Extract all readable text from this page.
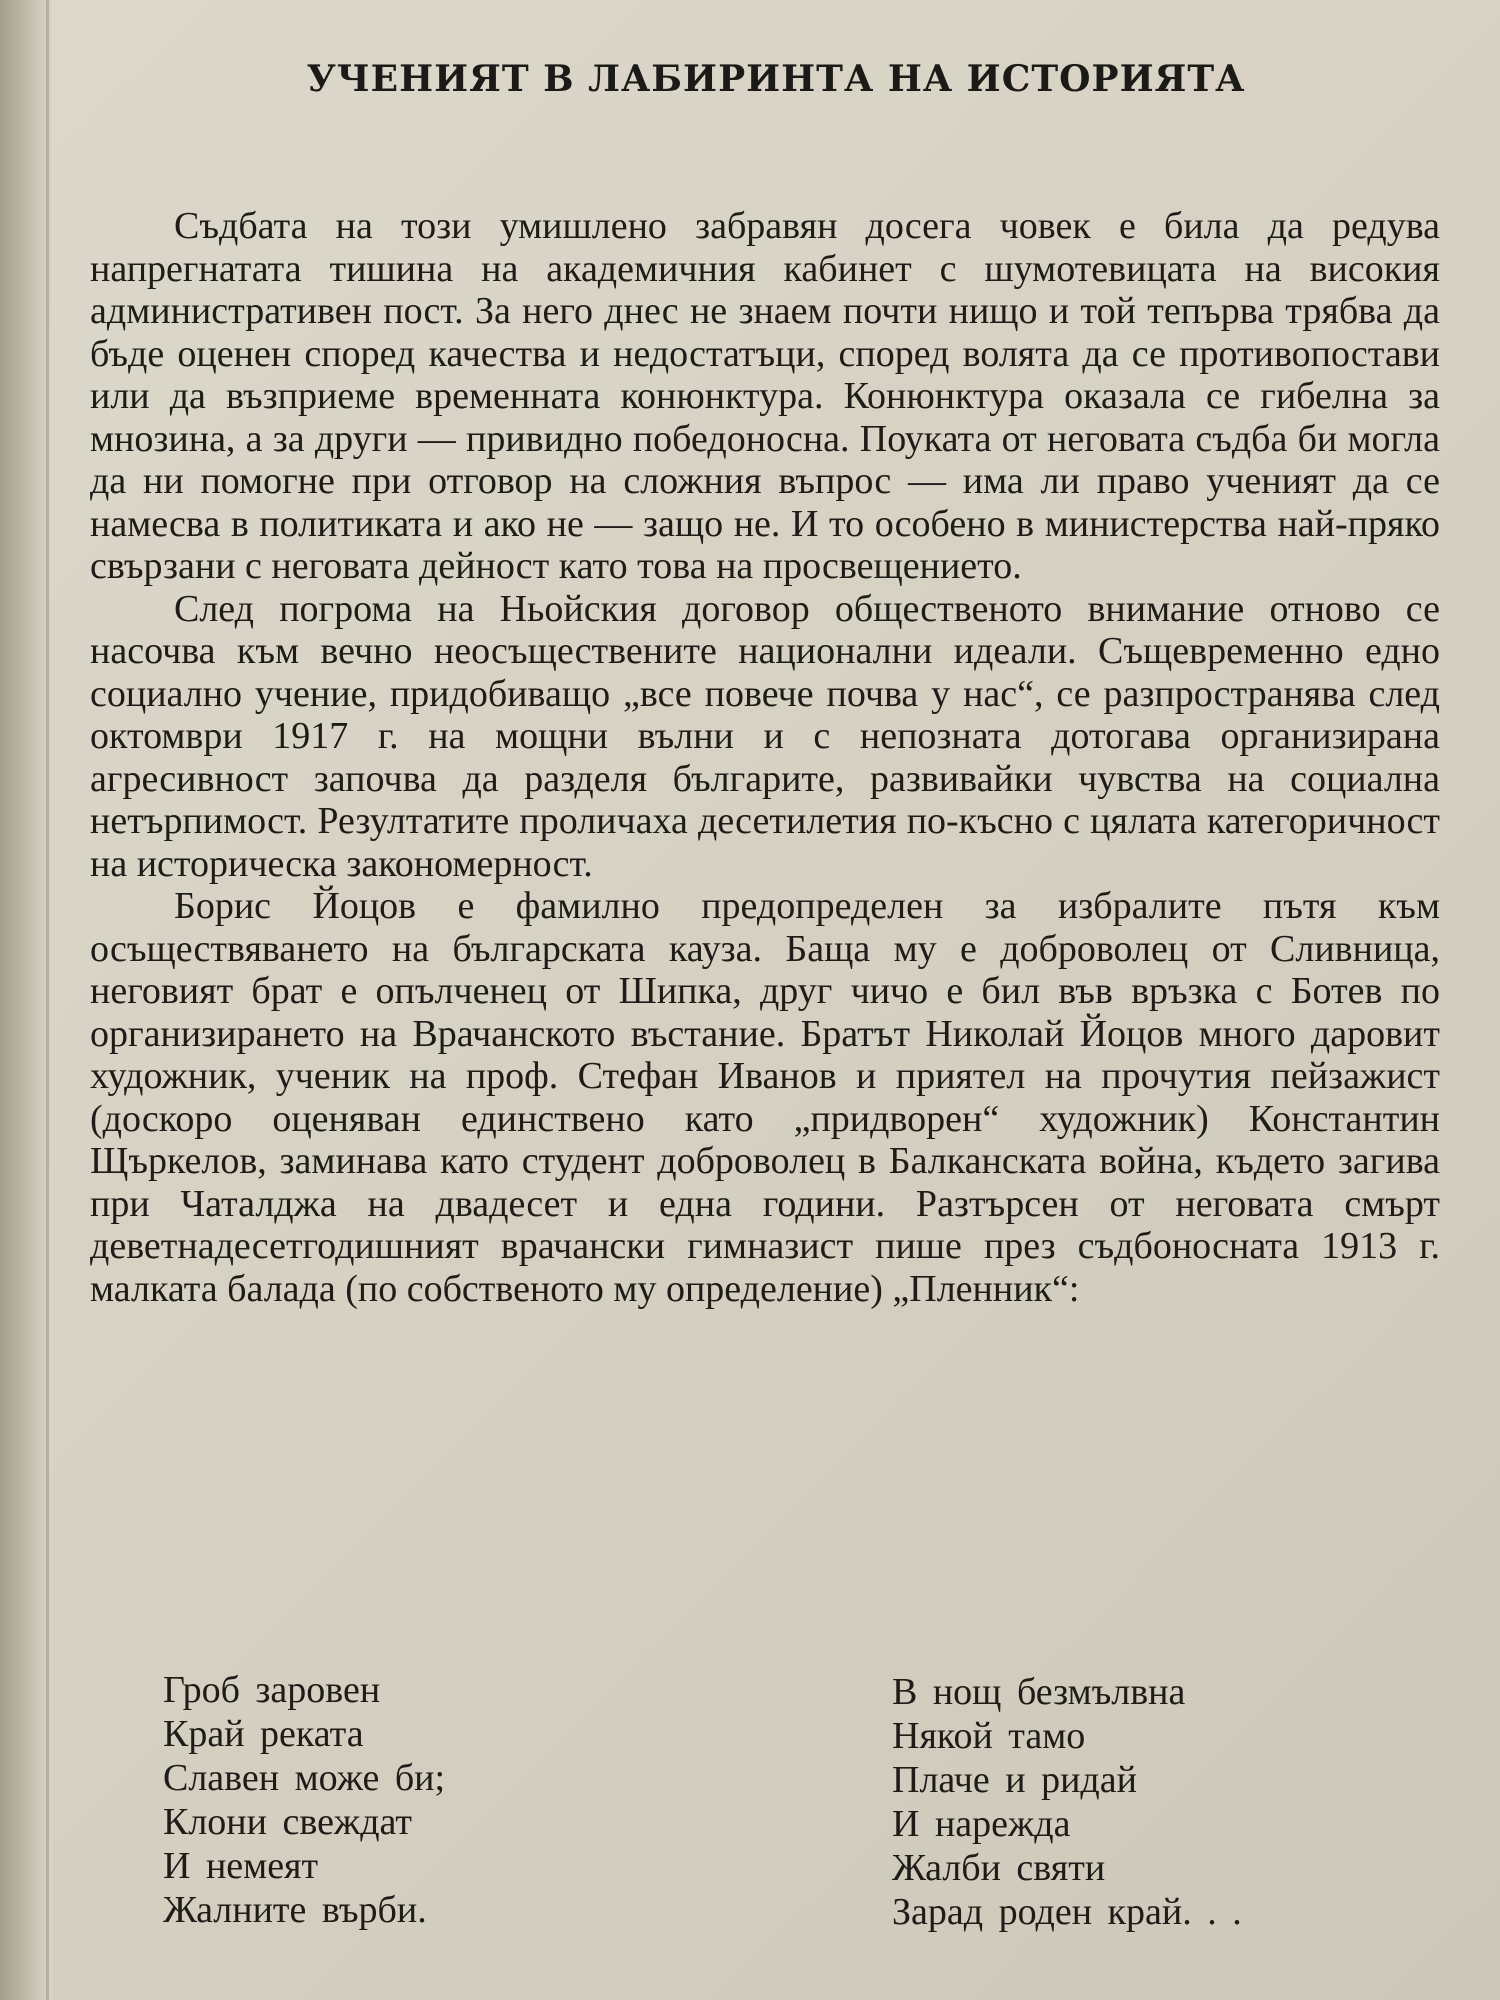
УЧЕНИЯТ В ЛАБИРИНТА НА ИСТОРИЯТА

Съдбата на този умишлено забравян досега човек е била да редува напрегнатата тишина на академичния кабинет с шумотевицата на високия административен пост. За него днес не знаем почти нищо и той тепърва трябва да бъде оценен според качества и недостатъци, според волята да се противопостави или да възприеме временната конюнктура. Конюнктура оказала се гибелна за мнозина, а за други — привидно победоносна. Поуката от неговата съдба би могла да ни помогне при отговор на сложния въпрос — има ли право ученият да се намесва в политиката и ако не — защо не. И то особено в министерства най-пряко свързани с неговата дейност като това на просвещението.

След погрома на Ньойския договор общественото внимание отново се насочва към вечно неосъществените национални идеали. Същевременно едно социално учение, придобиващо „все повече почва у нас“, се разпространява след октомври 1917 г. на мощни вълни и с непозната дотогава организирана агресивност започва да разделя българите, развивайки чувства на социална нетърпимост. Резултатите проличаха десетилетия по-късно с цялата категоричност на историческа закономерност.

Борис Йоцов е фамилно предопределен за избралите пътя към осъществяването на българската кауза. Баща му е доброволец от Сливница, неговият брат е опълченец от Шипка, друг чичо е бил във връзка с Ботев по организирането на Врачанското въстание. Братът Николай Йоцов много даровит художник, ученик на проф. Стефан Иванов и приятел на прочутия пейзажист (доскоро оценяван единствено като „придворен“ художник) Константин Щъркелов, заминава като студент доброволец в Балканската война, където загива при Чаталджа на двадесет и една години. Разтърсен от неговата смърт деветнадесетгодишният врачански гимназист пише през съдбоносната 1913 г. малката балада (по собственото му определение) „Пленник“:

Гроб заровен
Край реката
Славен може би;
Клони свеждат
И немеят
Жалните върби.
В нощ безмълвна
Някой тамо
Плаче и ридай
И нарежда
Жалби святи
Зарад роден край. . .
